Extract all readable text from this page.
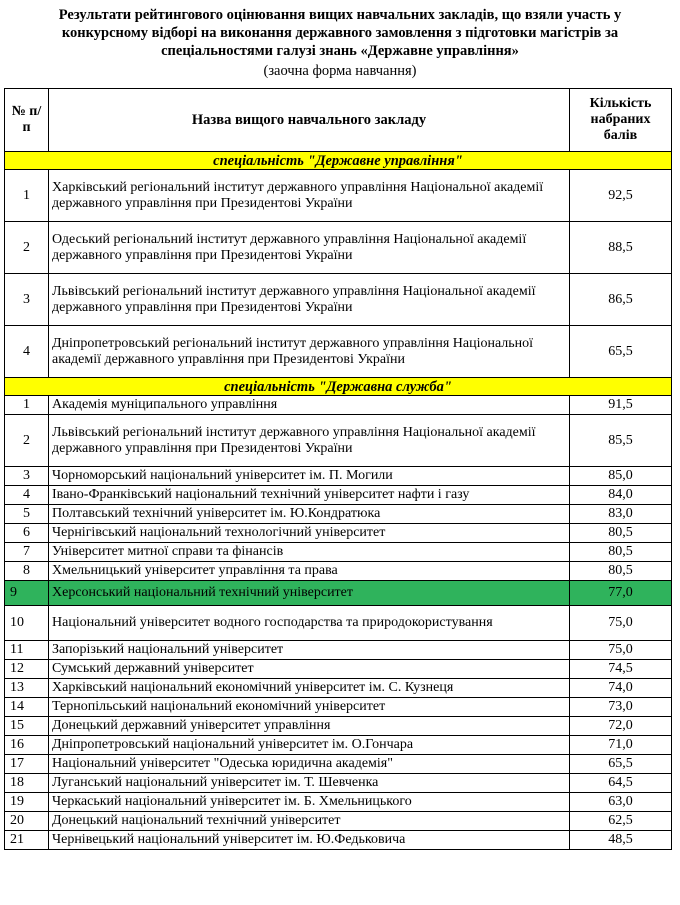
Результати рейтингового оцінювання вищих навчальних закладів, що взяли участь у
конкурсному відборі на виконання державного замовлення з підготовки магістрів за
спеціальностями галузі знань «Державне управління»
(заочна форма навчання)
№ п/п	Назва вищого навчального закладу	Кількість набраних балів
спеціальність "Державне управління"		
1	Харківський регіональний інститут державного управління Національної академії державного управління при Президентові України	92,5
2	Одеський регіональний інститут державного управління Національної академії державного управління при Президентові України	88,5
3	Львівський регіональний інститут державного управління Національної академії державного управління при Президентові України	86,5
4	Дніпропетровський регіональний інститут державного управління Національної академії державного управління при Президентові України	65,5
спеціальність "Державна служба"		
1	Академія муніципального управління	91,5
2	Львівський регіональний інститут державного управління Національної академії державного управління при Президентові України	85,5
3	Чорноморський національний університет ім. П. Могили	85,0
4	Івано-Франківський національний технічний університет нафти і газу	84,0
5	Полтавський технічний університет ім. Ю.Кондратюка	83,0
6	Чернігівський національний технологічний університет	80,5
7	Університет митної справи та фінансів	80,5
8	Хмельницький університет управління та права	80,5
9	Херсонський національний технічний університет	77,0
10	Національний університет водного господарства та природокористування	75,0
11	Запорізький національний університет	75,0
12	Сумський державний університет	74,5
13	Харківський національний економічний університет ім. С. Кузнеця	74,0
14	Тернопільський національний економічний університет	73,0
15	Донецький державний університет управління	72,0
16	Дніпропетровський національний університет ім. О.Гончара	71,0
17	Національний університет "Одеська юридична академія"	65,5
18	Луганський національний університет ім. Т. Шевченка	64,5
19	Черкаський національний університет ім. Б. Хмельницького	63,0
20	Донецький національний технічний університет	62,5
21	Чернівецький національний університет ім. Ю.Федьковича	48,5
